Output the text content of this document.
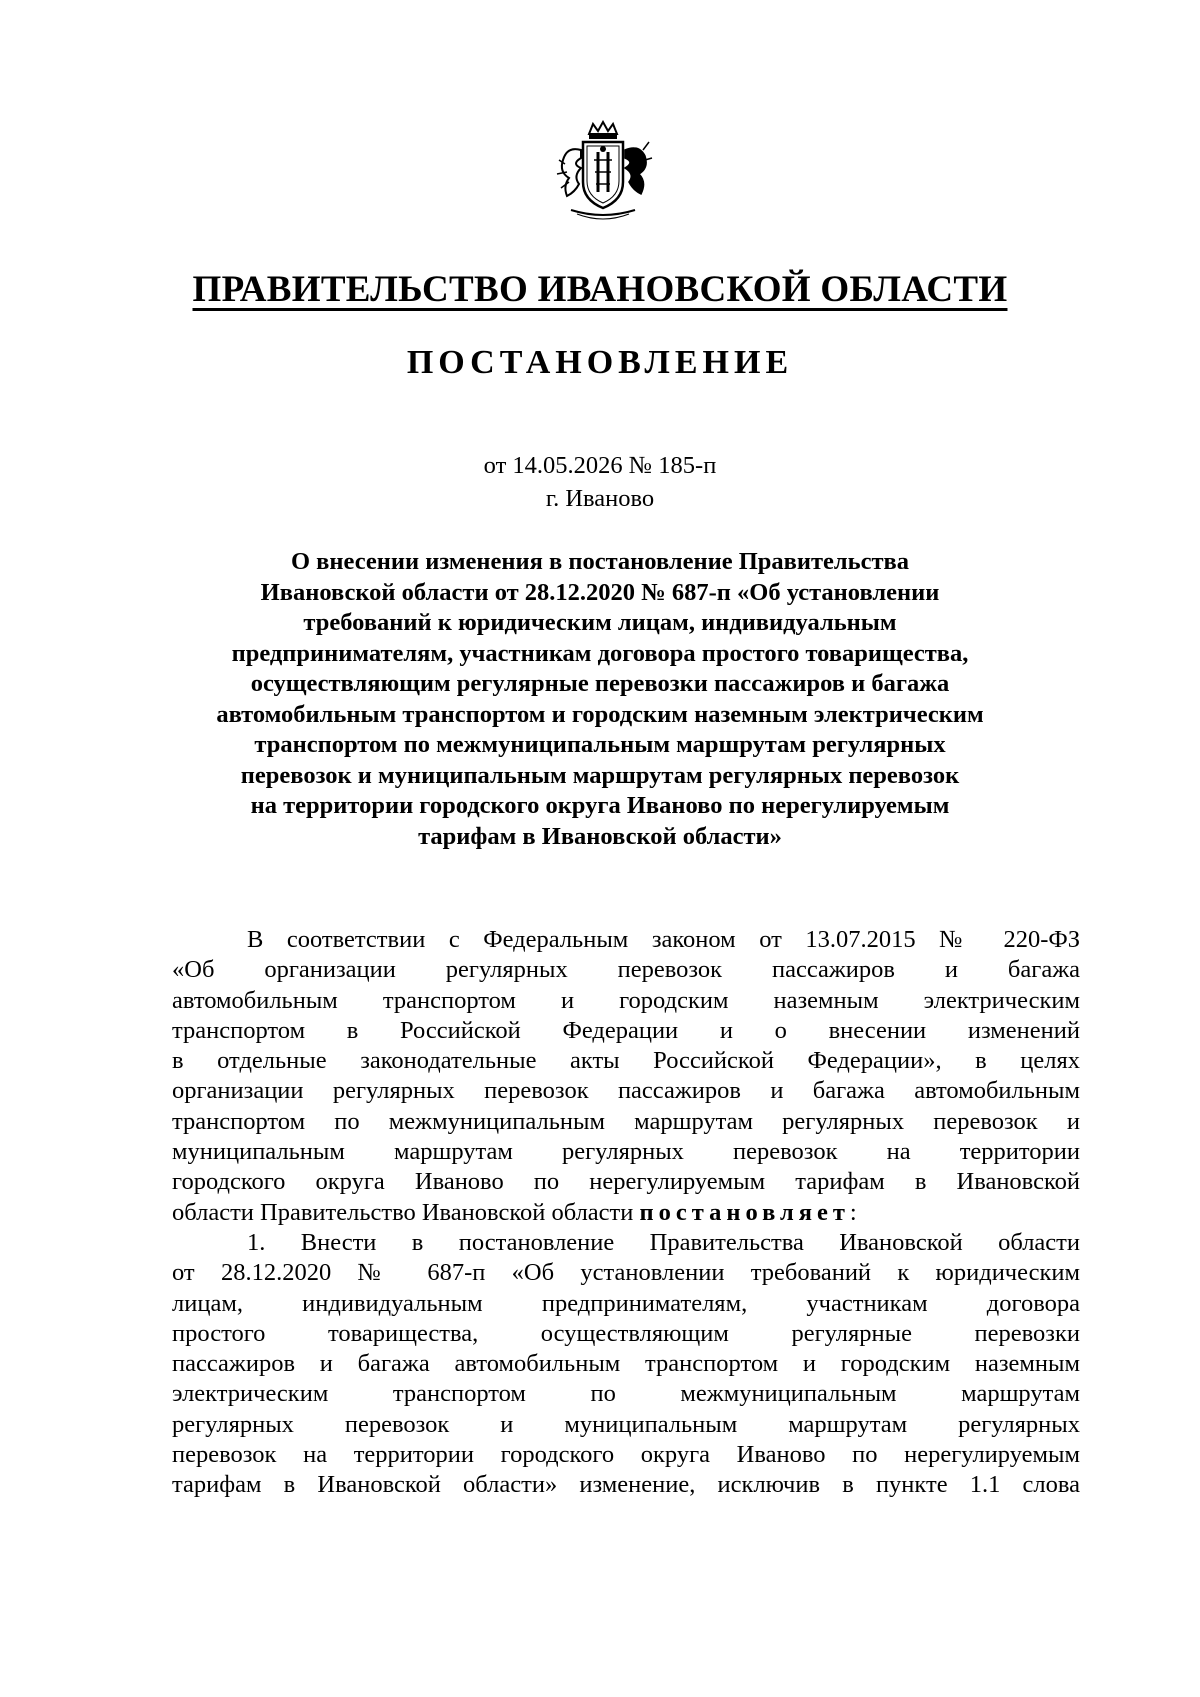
ПРАВИТЕЛЬСТВО ИВАНОВСКОЙ ОБЛАСТИ
ПОСТАНОВЛЕНИЕ

от 14.05.2026 № 185-п

г. Иваново

О внесении изменения в постановление Правительства
Ивановской области от 28.12.2020 № 687-п «Об установлении
требований к юридическим лицам, индивидуальным
предпринимателям, участникам договора простого товарищества,
осуществляющим регулярные перевозки пассажиров и багажа
автомобильным транспортом и городским наземным электрическим
транспортом по межмуниципальным маршрутам регулярных
перевозок и муниципальным маршрутам регулярных перевозок
на территории городского округа Иваново по нерегулируемым
тарифам в Ивановской области»
В соответствии с Федеральным законом от 13.07.2015 № 220-ФЗ
«Об организации регулярных перевозок пассажиров и багажа
автомобильным транспортом и городским наземным электрическим
транспортом в Российской Федерации и о внесении изменений
в отдельные законодательные акты Российской Федерации», в целях
организации регулярных перевозок пассажиров и багажа автомобильным
транспортом по межмуниципальным маршрутам регулярных перевозок и
муниципальным маршрутам регулярных перевозок на территории
городского округа Иваново по нерегулируемым тарифам в Ивановской
области Правительство Ивановской области постановляет:
1. Внести в постановление Правительства Ивановской области
от 28.12.2020 № 687-п «Об установлении требований к юридическим
лицам, индивидуальным предпринимателям, участникам договора
простого товарищества, осуществляющим регулярные перевозки
пассажиров и багажа автомобильным транспортом и городским наземным
электрическим транспортом по межмуниципальным маршрутам
регулярных перевозок и муниципальным маршрутам регулярных
перевозок на территории городского округа Иваново по нерегулируемым
тарифам в Ивановской области» изменение, исключив в пункте 1.1 слова
